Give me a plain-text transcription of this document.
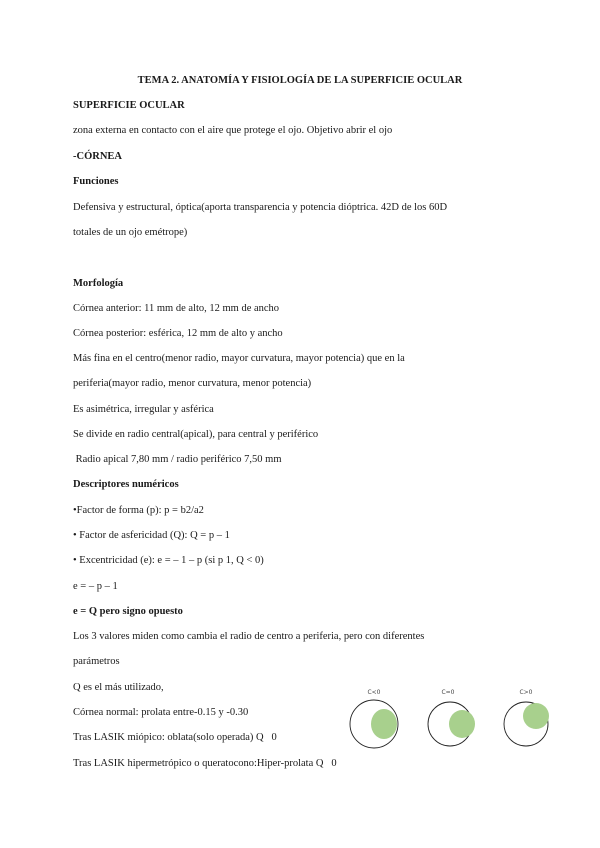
TEMA 2. ANATOMÍA Y FISIOLOGÍA DE LA SUPERFICIE OCULAR
SUPERFICIE OCULAR
zona externa en contacto con el aire que protege el ojo. Objetivo abrir el ojo
-CÓRNEA
Funciones
Defensiva y estructural, óptica(aporta transparencia y potencia dióptrica. 42D de los 60D
totales de un ojo emétrope)
Morfología
Córnea anterior: 11 mm de alto, 12 mm de ancho
Córnea posterior: esférica, 12 mm de alto y ancho
Más fina en el centro(menor radio, mayor curvatura, mayor potencia) que en la
periferia(mayor radio, menor curvatura, menor potencia)
Es asimétrica, irregular y asférica
Se divide en radio central(apical), para central y periférico
Radio apical 7,80 mm / radio periférico 7,50 mm
Descriptores numéricos
•Factor de forma (p): p = b2/a2
• Factor de asfericidad (Q): Q = p – 1
• Excentricidad (e): e = – 1 – p (si p 1, Q < 0)
e = – p – 1
e = Q pero signo opuesto
Los 3 valores miden como cambia el radio de centro a periferia, pero con diferentes
parámetros
Q es el más utilizado,
Córnea normal: prolata entre-0.15 y -0.30
Tras LASIK miópico: oblata(solo operada) Q   0
Tras LASIK hipermetrópico o queratocono:Hiper-prolata Q   0
C<0	C=0	C>0
